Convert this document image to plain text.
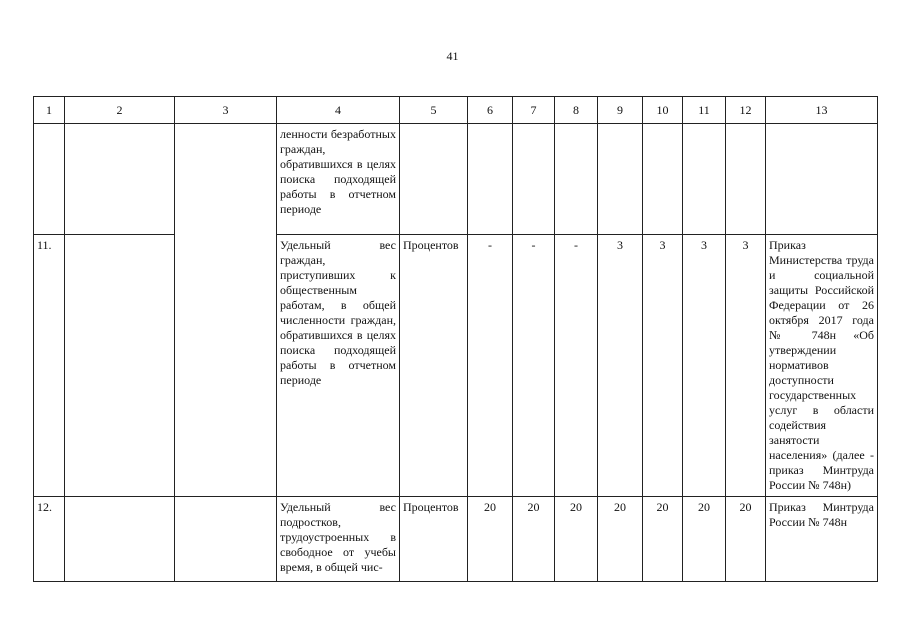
41
1	2	3	4	5	6	7	8	9	10	11	12	13
			ленности безработных граждан, обратившихся в целях поиска подходящей работы в отчетном периоде									
11.			Удельный вес граждан, приступивших к общественным работам, в общей численности граждан, обратившихся в целях поиска подходящей работы в отчетном периоде	Процентов	-	-	-	3	3	3	3	Приказ Министерства труда и социальной защиты Российской Федерации от 26 октября 2017 года № 748н «Об утверждении нормативов доступности государственных услуг в области содействия занятости населения» (далее - приказ Минтруда России № 748н)
12.			Удельный вес подростков, трудоустроенных в свободное от учебы время, в общей чис-	Процентов	20	20	20	20	20	20	20	Приказ Минтруда России № 748н
